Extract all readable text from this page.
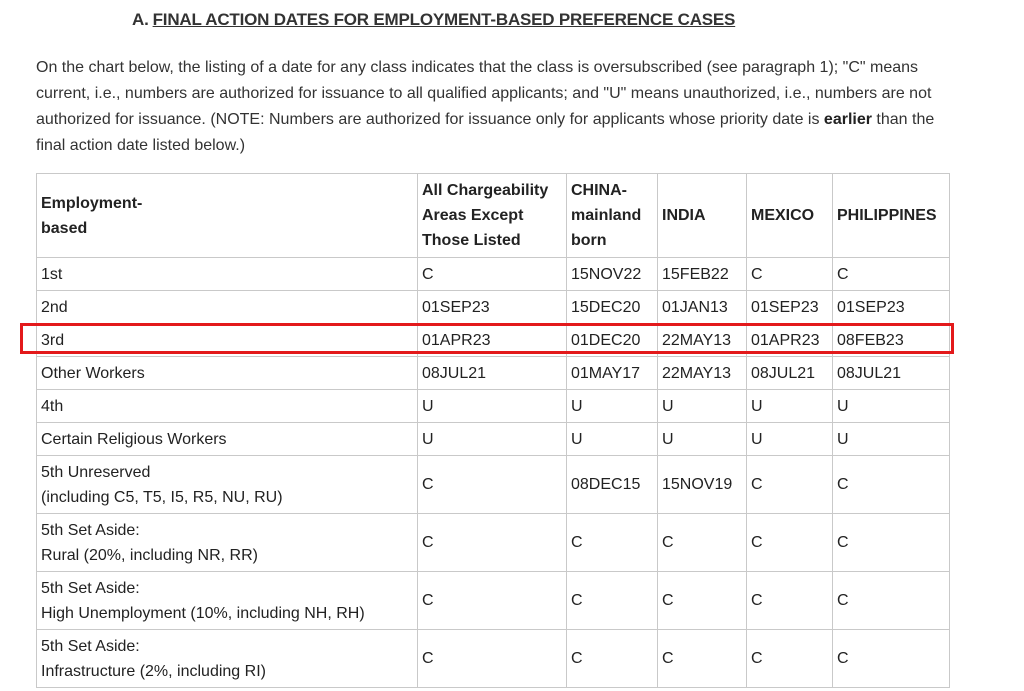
A. FINAL ACTION DATES FOR EMPLOYMENT-BASED PREFERENCE CASES
On the chart below, the listing of a date for any class indicates that the class is oversubscribed (see paragraph 1); "C" means current, i.e., numbers are authorized for issuance to all qualified applicants; and "U" means unauthorized, i.e., numbers are not authorized for issuance. (NOTE: Numbers are authorized for issuance only for applicants whose priority date is earlier than the final action date listed below.)
Employment-
based	All Chargeability
Areas Except
Those Listed	CHINA-
mainland
born	INDIA	MEXICO	PHILIPPINES
1st	C	15NOV22	15FEB22	C	C
2nd	01SEP23	15DEC20	01JAN13	01SEP23	01SEP23
3rd	01APR23	01DEC20	22MAY13	01APR23	08FEB23
Other Workers	08JUL21	01MAY17	22MAY13	08JUL21	08JUL21
4th	U	U	U	U	U
Certain Religious Workers	U	U	U	U	U
5th Unreserved
(including C5, T5, I5, R5, NU, RU)	C	08DEC15	15NOV19	C	C
5th Set Aside:
Rural (20%, including NR, RR)	C	C	C	C	C
5th Set Aside:
High Unemployment (10%, including NH, RH)	C	C	C	C	C
5th Set Aside:
Infrastructure (2%, including RI)	C	C	C	C	C
